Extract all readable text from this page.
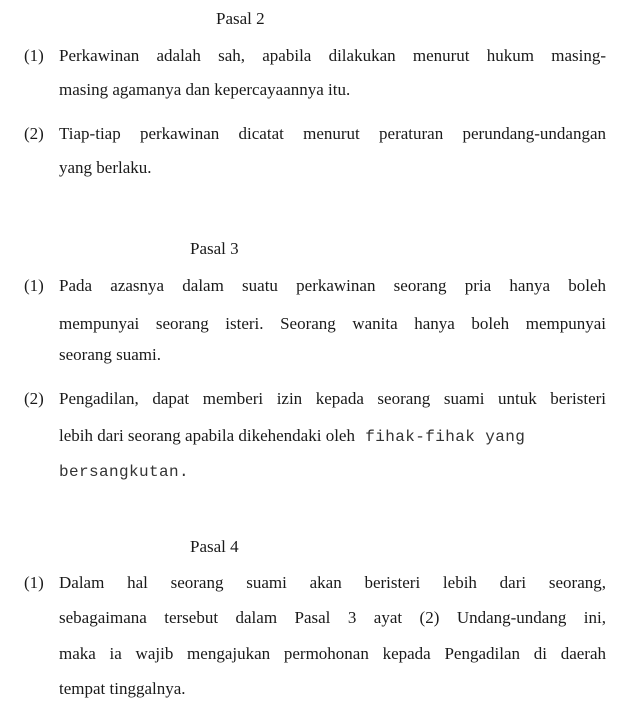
Pasal 2
(1) Perkawinan adalah sah, apabila dilakukan menurut hukum masing-
masing agamanya dan kepercayaannya itu.
(2) Tiap-tiap perkawinan dicatat menurut peraturan perundang-undangan
yang berlaku.
Pasal 3
(1) Pada azasnya dalam suatu perkawinan seorang pria hanya boleh
mempunyai seorang isteri. Seorang wanita hanya boleh mempunyai
seorang suami.
(2) Pengadilan, dapat memberi izin kepada seorang suami untuk beristeri
lebih dari seorang apabila dikehendaki oleh fihak-fihak yang
bersangkutan.
Pasal 4
(1) Dalam hal seorang suami akan beristeri lebih dari seorang,
sebagaimana tersebut dalam Pasal 3 ayat (2) Undang-undang ini,
maka ia wajib mengajukan permohonan kepada Pengadilan di daerah
tempat tinggalnya.
